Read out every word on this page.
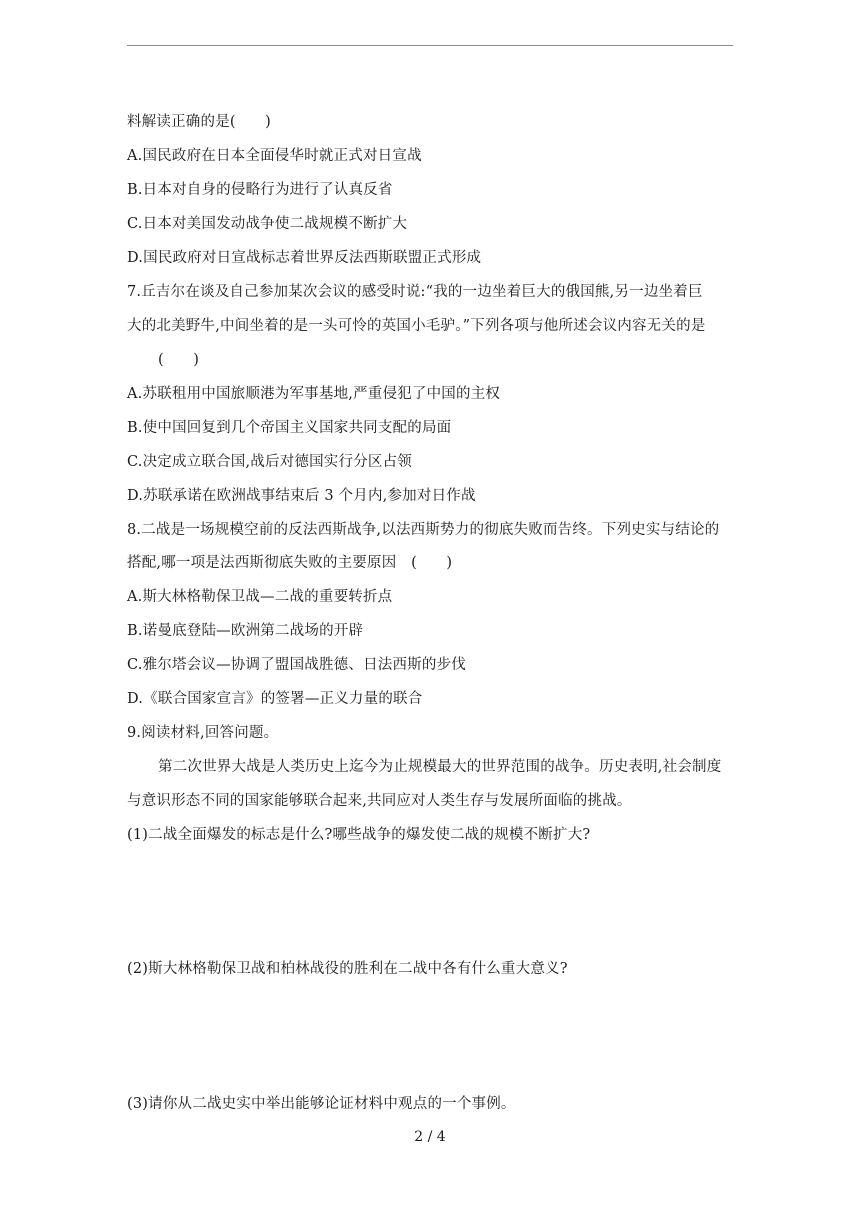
料解读正确的是(　　)
A.国民政府在日本全面侵华时就正式对日宣战
B.日本对自身的侵略行为进行了认真反省
C.日本对美国发动战争使二战规模不断扩大
D.国民政府对日宣战标志着世界反法西斯联盟正式形成
7.丘吉尔在谈及自己参加某次会议的感受时说:“我的一边坐着巨大的俄国熊,另一边坐着巨
大的北美野牛,中间坐着的是一头可怜的英国小毛驴。”下列各项与他所述会议内容无关的是
(　　)
A.苏联租用中国旅顺港为军事基地,严重侵犯了中国的主权
B.使中国回复到几个帝国主义国家共同支配的局面
C.决定成立联合国,战后对德国实行分区占领
D.苏联承诺在欧洲战事结束后 3 个月内,参加对日作战
8.二战是一场规模空前的反法西斯战争,以法西斯势力的彻底失败而告终。下列史实与结论的
搭配,哪一项是法西斯彻底失败的主要原因　(　　)
A.斯大林格勒保卫战—二战的重要转折点
B.诺曼底登陆—欧洲第二战场的开辟
C.雅尔塔会议—协调了盟国战胜德、日法西斯的步伐
D.《联合国家宣言》的签署—正义力量的联合
9.阅读材料,回答问题。
第二次世界大战是人类历史上迄今为止规模最大的世界范围的战争。历史表明,社会制度
与意识形态不同的国家能够联合起来,共同应对人类生存与发展所面临的挑战。
(1)二战全面爆发的标志是什么?哪些战争的爆发使二战的规模不断扩大?
(2)斯大林格勒保卫战和柏林战役的胜利在二战中各有什么重大意义?
(3)请你从二战史实中举出能够论证材料中观点的一个事例。
2 / 4
